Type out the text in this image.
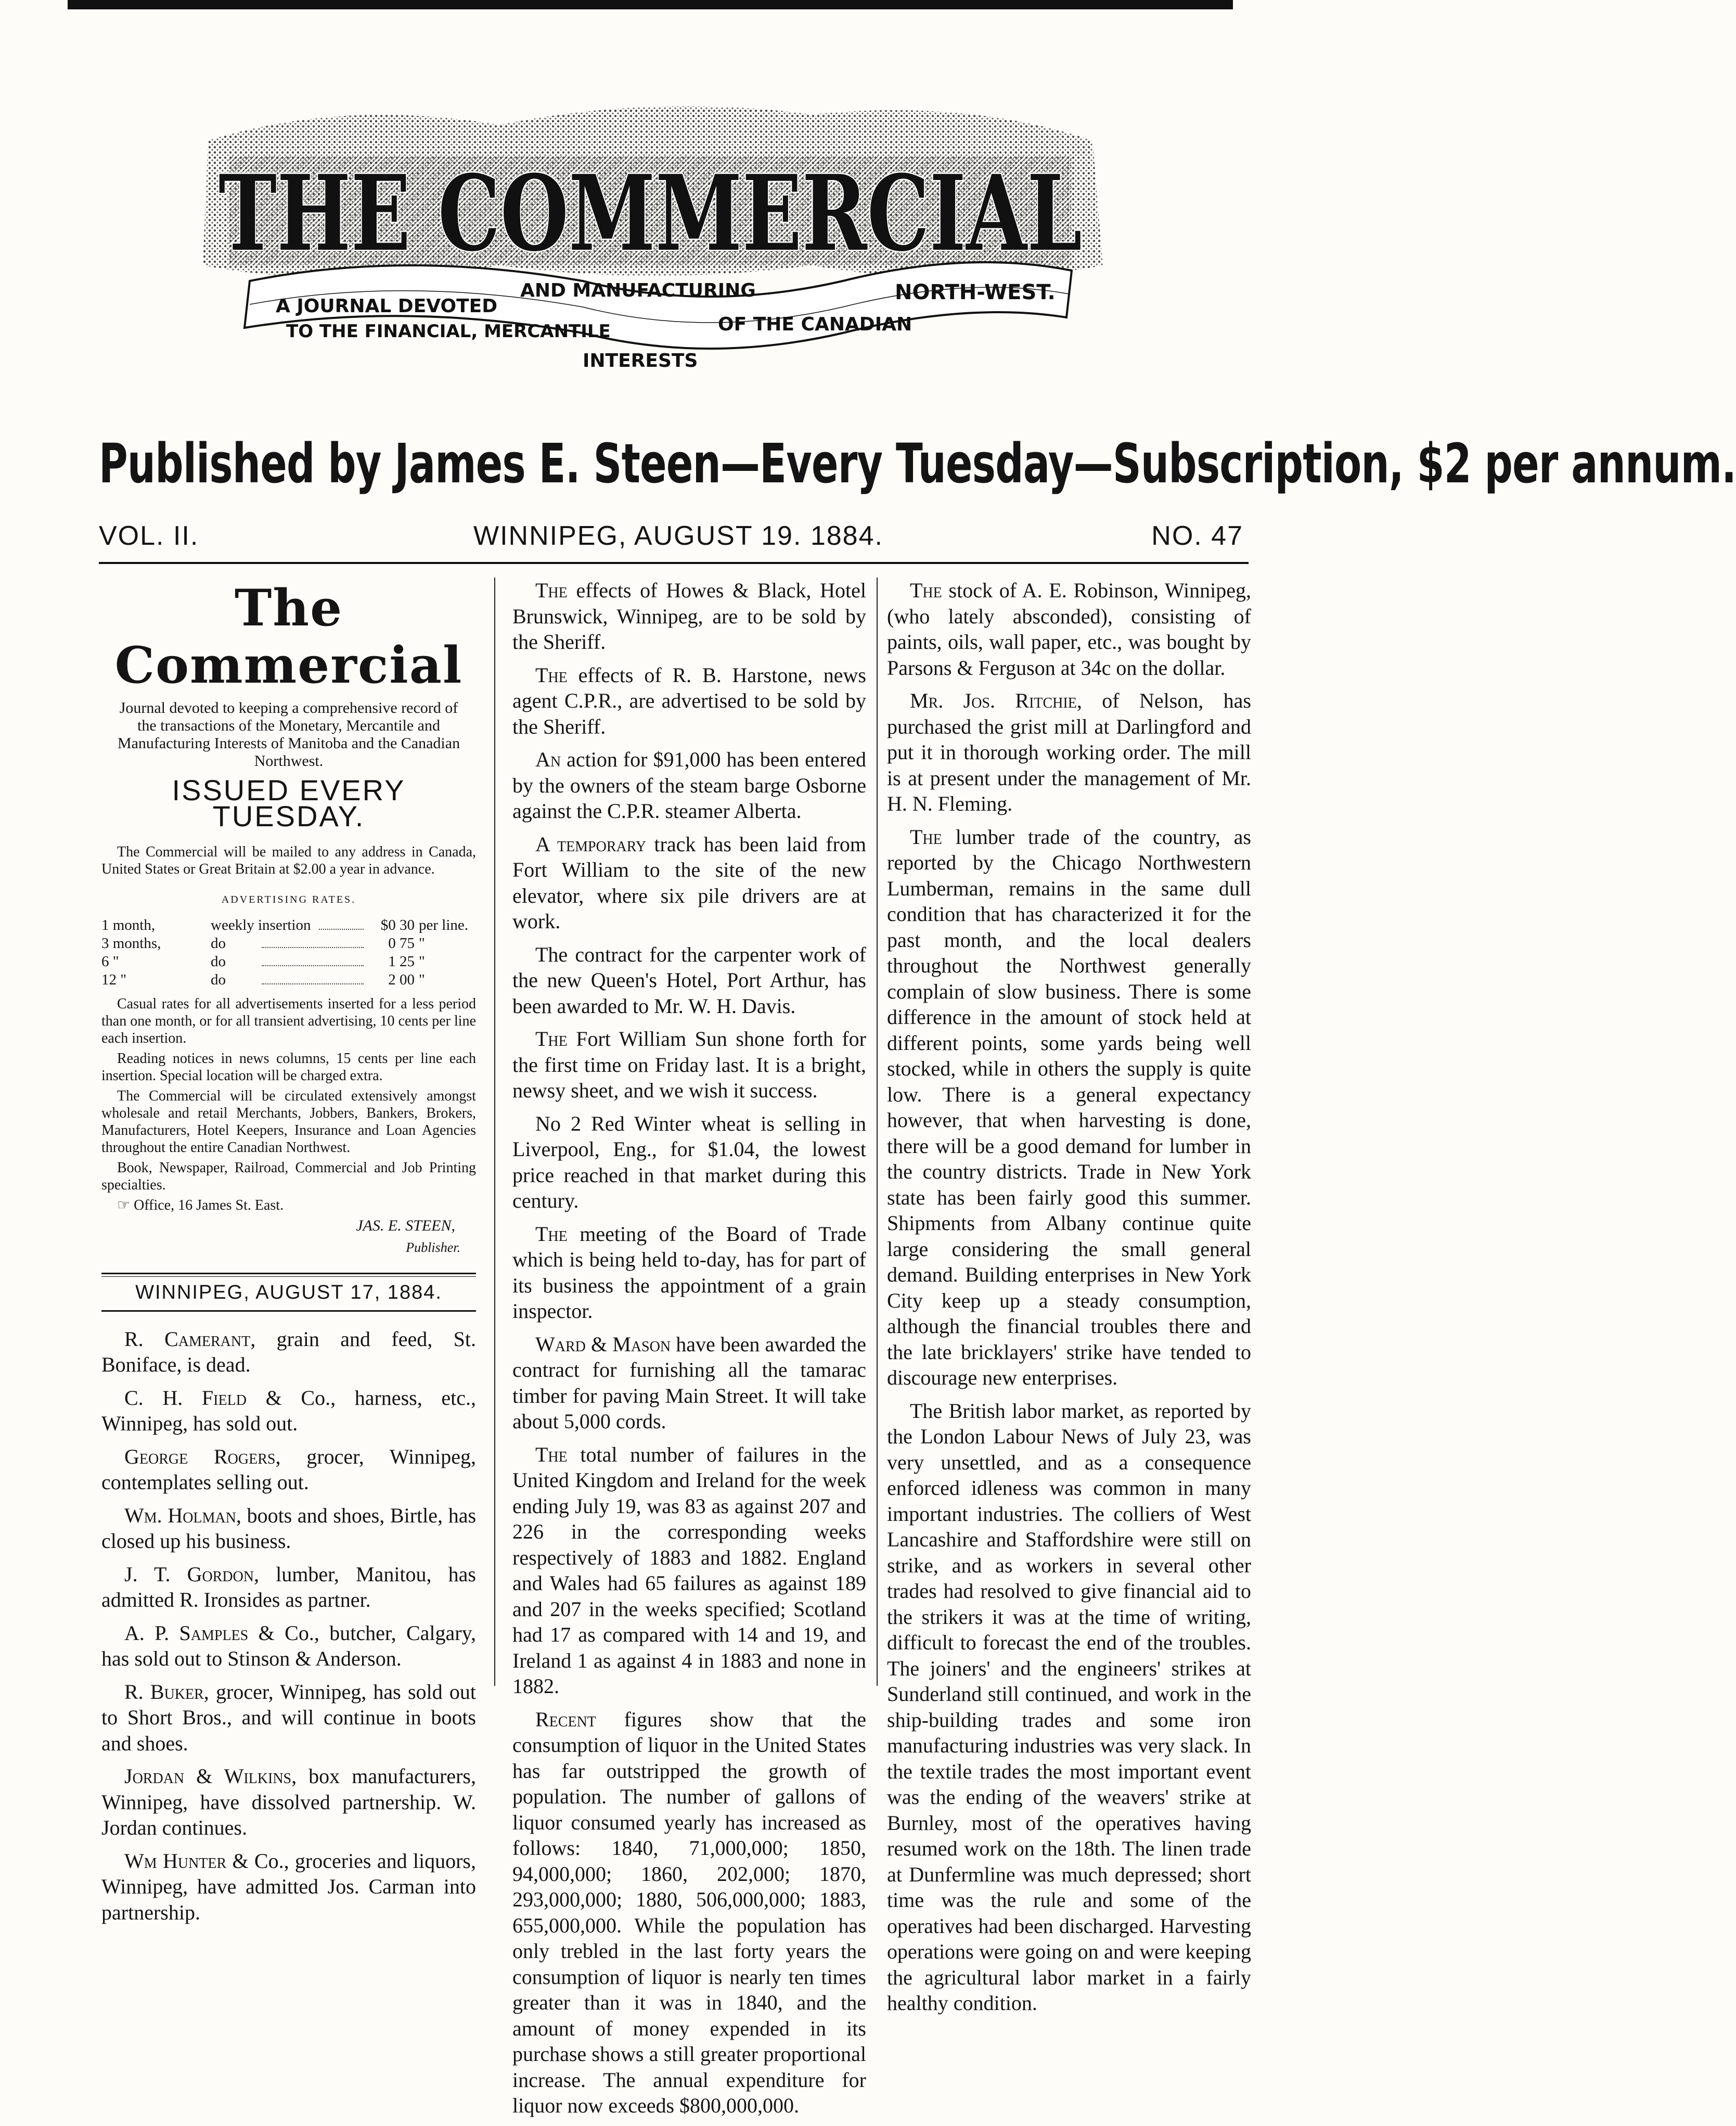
THE COMMERCIAL
A JOURNAL DEVOTED
TO THE FINANCIAL, MERCANTILE
AND MANUFACTURING
INTERESTS
OF THE CANADIAN
NORTH-WEST.
Published by James E. Steen—Every Tuesday—Subscription, $2 per annum.
VOL. II.	WINNIPEG, AUGUST 19. 1884.	NO. 47
The Commercial
Journal devoted to keeping a comprehensive record of the transactions of the Monetary, Mercantile and Manufacturing Interests of Manitoba and the Canadian Northwest.
ISSUED EVERY TUESDAY.

The Commercial will be mailed to any address in Canada, United States or Great Britain at $2.00 a year in advance.

ADVERTISING RATES.
1 month,	weekly insertion	$0 30 per line.
3 months,	do	0 75 "
6 "	do	1 25 "
12 "	do	2 00 "

Casual rates for all advertisements inserted for a less period than one month, or for all transient advertising, 10 cents per line each insertion.

Reading notices in news columns, 15 cents per line each insertion. Special location will be charged extra.

The Commercial will be circulated extensively amongst wholesale and retail Merchants, Jobbers, Bankers, Brokers, Manufacturers, Hotel Keepers, Insurance and Loan Agencies throughout the entire Canadian Northwest.

Book, Newspaper, Railroad, Commercial and Job Printing specialties.

☞ Office, 16 James St. East.

JAS. E. STEEN,
Publisher.
WINNIPEG, AUGUST 17, 1884.

R. Camerant, grain and feed, St. Boniface, is dead.

C. H. Field & Co., harness, etc., Winnipeg, has sold out.

George Rogers, grocer, Winnipeg, contemplates selling out.

Wm. Holman, boots and shoes, Birtle, has closed up his business.

J. T. Gordon, lumber, Manitou, has admitted R. Ironsides as partner.

A. P. Samples & Co., butcher, Calgary, has sold out to Stinson & Anderson.

R. Buker, grocer, Winnipeg, has sold out to Short Bros., and will continue in boots and shoes.

Jordan & Wilkins, box manufacturers, Winnipeg, have dissolved partnership. W. Jordan continues.

Wm Hunter & Co., groceries and liquors, Winnipeg, have admitted Jos. Carman into partnership.

The effects of Howes & Black, Hotel Brunswick, Winnipeg, are to be sold by the Sheriff.

The effects of R. B. Harstone, news agent C.P.R., are advertised to be sold by the Sheriff.

An action for $91,000 has been entered by the owners of the steam barge Osborne against the C.P.R. steamer Alberta.

A temporary track has been laid from Fort William to the site of the new elevator, where six pile drivers are at work.

The contract for the carpenter work of the new Queen's Hotel, Port Arthur, has been awarded to Mr. W. H. Davis.

The Fort William Sun shone forth for the first time on Friday last. It is a bright, newsy sheet, and we wish it success.

No 2 Red Winter wheat is selling in Liverpool, Eng., for $1.04, the lowest price reached in that market during this century.

The meeting of the Board of Trade which is being held to-day, has for part of its business the appointment of a grain inspector.

Ward & Mason have been awarded the contract for furnishing all the tamarac timber for paving Main Street. It will take about 5,000 cords.

The total number of failures in the United Kingdom and Ireland for the week ending July 19, was 83 as against 207 and 226 in the corresponding weeks respectively of 1883 and 1882. England and Wales had 65 failures as against 189 and 207 in the weeks specified; Scotland had 17 as compared with 14 and 19, and Ireland 1 as against 4 in 1883 and none in 1882.

Recent figures show that the consumption of liquor in the United States has far outstripped the growth of population. The number of gallons of liquor consumed yearly has increased as follows: 1840, 71,000,000; 1850, 94,000,000; 1860, 202,000; 1870, 293,000,000; 1880, 506,000,000; 1883, 655,000,000. While the population has only trebled in the last forty years the consumption of liquor is nearly ten times greater than it was in 1840, and the amount of money expended in its purchase shows a still greater proportional increase. The annual expenditure for liquor now exceeds $800,000,000.

The stock of A. E. Robinson, Winnipeg, (who lately absconded), consisting of paints, oils, wall paper, etc., was bought by Parsons & Ferguson at 34c on the dollar.

Mr. Jos. Ritchie, of Nelson, has purchased the grist mill at Darlingford and put it in thorough working order. The mill is at present under the management of Mr. H. N. Fleming.

The lumber trade of the country, as reported by the Chicago Northwestern Lumberman, remains in the same dull condition that has characterized it for the past month, and the local dealers throughout the Northwest generally complain of slow business. There is some difference in the amount of stock held at different points, some yards being well stocked, while in others the supply is quite low. There is a general expectancy however, that when harvesting is done, there will be a good demand for lumber in the country districts. Trade in New York state has been fairly good this summer. Shipments from Albany continue quite large considering the small general demand. Building enterprises in New York City keep up a steady consumption, although the financial troubles there and the late bricklayers' strike have tended to discourage new enterprises.

The British labor market, as reported by the London Labour News of July 23, was very unsettled, and as a consequence enforced idleness was common in many important industries. The colliers of West Lancashire and Staffordshire were still on strike, and as workers in several other trades had resolved to give financial aid to the strikers it was at the time of writing, difficult to forecast the end of the troubles. The joiners' and the engineers' strikes at Sunderland still continued, and work in the ship-building trades and some iron manufacturing industries was very slack. In the textile trades the most important event was the ending of the weavers' strike at Burnley, most of the operatives having resumed work on the 18th. The linen trade at Dunfermline was much depressed; short time was the rule and some of the operatives had been discharged. Harvesting operations were going on and were keeping the agricultural labor market in a fairly healthy condition.
